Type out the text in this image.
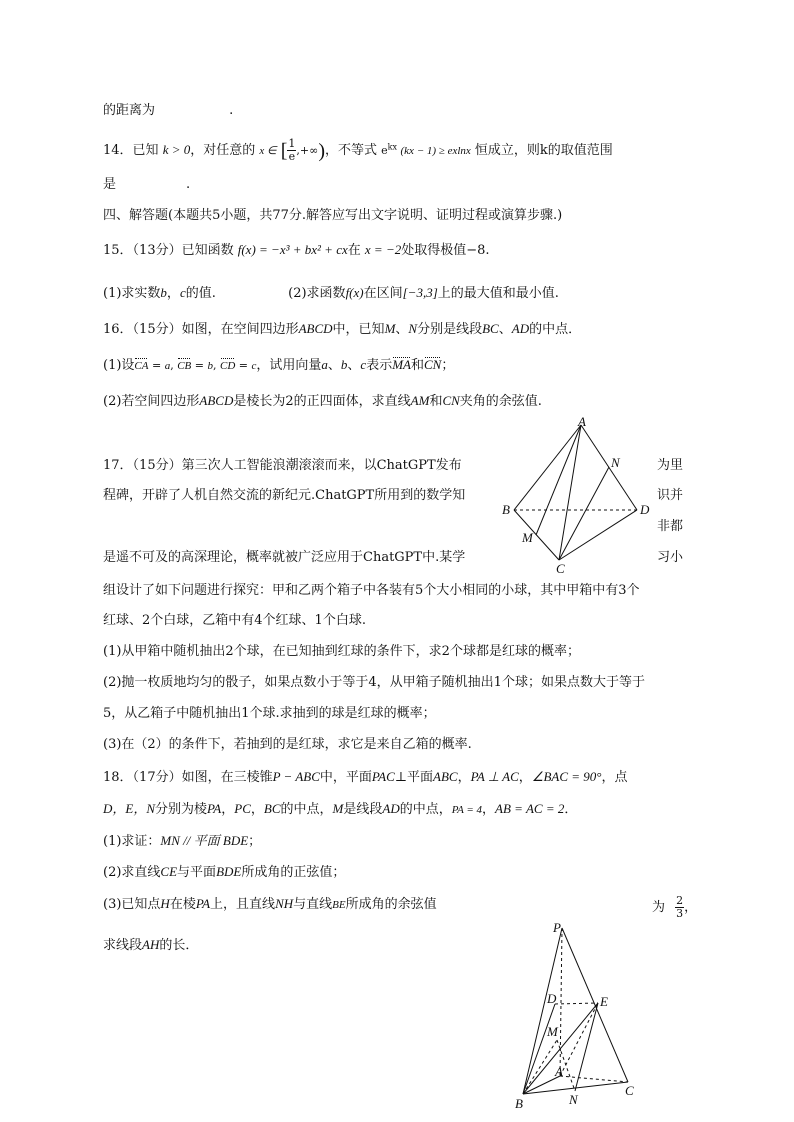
的距离为	.
14．已知 k > 0，对任意的 x ∈ [ $\frac{1}{e}$ ,+∞)，不等式 $e^{kx}$ (kx − 1) ≥ exlnx 恒成立，则k的取值范围
是	.
四、解答题(本题共5小题，共77分.解答应写出文字说明、证明过程或演算步骤.)
15．（13分）已知函数 f(x) = −x³ + bx² + cx在 x = −2处取得极值−8.
(1)求实数b，c的值.	(2)求函数f(x)在区间[−3,3]上的最大值和最小值.
16．（15分）如图，在空间四边形ABCD中，已知M、N分别是线段BC、AD的中点．
(1)设CA = a, CB = b, CD = c，试用向量a、b、c表示MA和CN；
(2)若空间四边形ABCD是棱长为2的正四面体，求直线AM和CN夹角的余弦值.
A
B
C
D
M
N
17．（15分）第三次人工智能浪潮滚滚而来，以ChatGPT发布	为里
程碑，开辟了人机自然交流的新纪元.ChatGPT所用到的数学知	识并
非都
是遥不可及的高深理论，概率就被广泛应用于ChatGPT中.某学	习小
组设计了如下问题进行探究：甲和乙两个箱子中各装有5个大小相同的小球，其中甲箱中有3个
红球、2个白球，乙箱中有4个红球、1个白球.
(1)从甲箱中随机抽出2个球，在已知抽到红球的条件下，求2个球都是红球的概率；
(2)抛一枚质地均匀的骰子，如果点数小于等于4，从甲箱子随机抽出1个球；如果点数大于等于
5，从乙箱子中随机抽出1个球.求抽到的球是红球的概率；
(3)在（2）的条件下，若抽到的是红球，求它是来自乙箱的概率.
18．（17分）如图，在三棱锥P − ABC中，平面PAC⊥平面ABC，PA ⊥ AC，∠BAC = 90°，点
D，E，N分别为棱PA，PC，BC的中点，M是线段AD的中点，PA = 4，AB = AC = 2．
(1)求证：MN // 平面 BDE；
(2)求直线CE与平面BDE所成角的正弦值；
(3)已知点H在棱PA上，且直线NH与直线BE所成角的余弦值	为 $\frac{2}{3}$ ，
求线段AH的长．
P
D	E
M
A
B	N
C
